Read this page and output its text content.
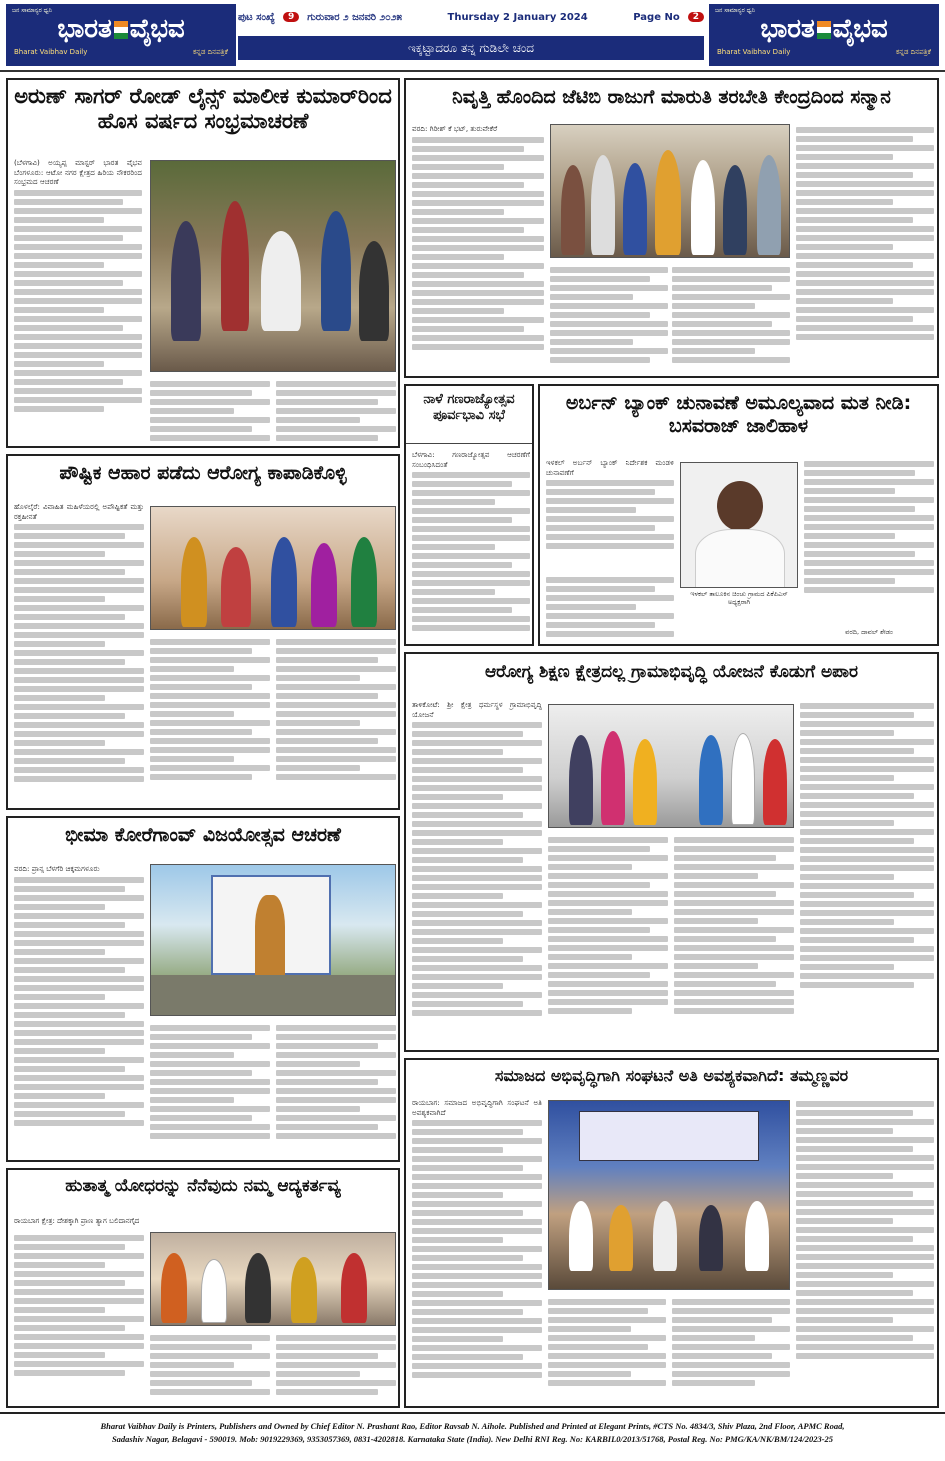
ಜನ ಸಾಮಾನ್ಯರ ಧ್ವನಿ
ಭಾರತ ವೈಭವ
Bharat Vaibhav Daily	ಕನ್ನಡ ದಿನಪತ್ರಿಕೆ
ಪುಟ ಸಂಖ್ಯೆ	9	ಗುರುವಾರ ೨ ಜನವರಿ ೨೦೨೫	Thursday 2 January 2024	Page No	2
ಇಕ್ಕಟ್ಟಾದರೂ ತನ್ನ ಗುಡಿಲೇ ಚಂದ
ಜನ ಸಾಮಾನ್ಯರ ಧ್ವನಿ
ಭಾರತ ವೈಭವ
Bharat Vaibhav Daily	ಕನ್ನಡ ದಿನಪತ್ರಿಕೆ
ಅರುಣ್ ಸಾಗರ್ ರೋಡ್ ಲೈನ್ಸ್ ಮಾಲೀಕ ಕುಮಾರ್‌ರಿಂದ ಹೊಸ ವರ್ಷದ ಸಂಭ್ರಮಾಚರಣೆ
(ಬೆಳಗಾವಿ) ಅಯ್ಯಪ್ಪ ಮಾಸ್ಟರ್ ಭಾರತ ವೈಭವ ಬೆಂಗಳೂರು: ಆಟೋ ನಗರ ಕ್ಷೇತ್ರದ ಹಿರಿಯ ನೌಕರರಿಂದ ಸಂಭ್ರಮದ ಆಚರಣೆ
ನಿವೃತ್ತಿ ಹೊಂದಿದ ಜೆಟಿಬಿ ರಾಜುಗೆ ಮಾರುತಿ ತರಬೇತಿ ಕೇಂದ್ರದಿಂದ ಸನ್ಮಾನ
ವರದಿ: ಗಿರೀಶ್ ಕೆ ಭಟ್, ತುರುವೇಕೆರೆ
ನಾಳೆ ಗಣರಾಜ್ಯೋತ್ಸವ ಪೂರ್ವಭಾವಿ ಸಭೆ
ಬೆಳಗಾವಿ: ಗಣರಾಜ್ಯೋತ್ಸವ ಆಚರಣೆಗೆ ಸಂಬಂಧಿಸಿದಂತೆ
ಅರ್ಬನ್ ಬ್ಯಾಂಕ್ ಚುನಾವಣೆ ಅಮೂಲ್ಯವಾದ ಮತ ನೀಡಿ: ಬಸವರಾಜ್ ಜಾಲಿಹಾಳ
ಇಳಕಲ್ ಅರ್ಬನ್ ಬ್ಯಾಂಕ್ ನಿರ್ದೇಶಕ ಮಂಡಳಿ ಚುನಾವಣೆಗೆ
ಇಳಕಲ್ ತಾಲೂಕಿನ ಚಿಂಚು ಗ್ರಾಮದ ಪಿಕೆಪಿಎಸ್ ಅಧ್ಯಕ್ಷರಾಗಿ
ವರದಿ, ದಾವಲ್ ಶೇಡಂ
ಪೌಷ್ಟಿಕ ಆಹಾರ ಪಡೆದು ಆರೋಗ್ಯ ಕಾಪಾಡಿಕೊಳ್ಳಿ
ಹೊಳಲ್ಕೆರೆ: ವಿವಾಹಿತ ಮಹಿಳೆಯರಲ್ಲಿ ಅಪೌಷ್ಟಿಕತೆ ಮತ್ತು ರಕ್ತಹೀನತೆ
ಆರೋಗ್ಯ ಶಿಕ್ಷಣ ಕ್ಷೇತ್ರದಲ್ಲ ಗ್ರಾಮಾಭಿವೃದ್ಧಿ ಯೋಜನೆ ಕೊಡುಗೆ ಅಪಾರ
ತಾಳಿಕೋಟೆ: ಶ್ರೀ ಕ್ಷೇತ್ರ ಧರ್ಮಸ್ಥಳ ಗ್ರಾಮಾಭಿವೃದ್ಧಿ ಯೋಜನೆ
ಭೀಮಾ ಕೋರೆಗಾಂವ್ ವಿಜಯೋತ್ಸವ ಆಚರಣೆ
ವರದಿ: ಪ್ರಾನ್ಸ ಬೆಳಗೆರಿ ಚಿಕ್ಕಮಗಳೂರು
ಸಮಾಜದ ಅಭಿವೃದ್ಧಿಗಾಗಿ ಸಂಘಟನೆ ಅತಿ ಅವಶ್ಯಕವಾಗಿದೆ: ತಮ್ಮಣ್ಣವರ
ರಾಯಬಾಗ: ಸಮಾಜದ ಅಭಿವೃದ್ಧಿಗಾಗಿ ಸಂಘಟನೆ ಅತಿ ಅವಶ್ಯಕವಾಗಿದೆ
ಹುತಾತ್ಮ ಯೋಧರನ್ನು ನೆನೆವುದು ನಮ್ಮ ಆದ್ಯಕರ್ತವ್ಯ
ರಾಯಬಾಗ ಕ್ಷೇತ್ರ: ದೇಶಕ್ಕಾಗಿ ಪ್ರಾಣ ತ್ಯಾಗ ಬಲಿದಾನಗೈದ
Bharat Vaibhav Daily is Printers, Publishers and Owned by Chief Editor N. Prashant Rao, Editor Ravsab N. Aihole. Published and Printed at Elegant Prints, #CTS No. 4834/3, Shiv Plaza, 2nd Floor, APMC Road,
Sadashiv Nagar, Belagavi - 590019. Mob: 9019229369, 9353057369, 0831-4202818. Karnataka State (India). New Delhi RNI Reg. No: KARBIL0/2013/51768, Postal Reg. No: PMG/KA/NK/BM/124/2023-25
